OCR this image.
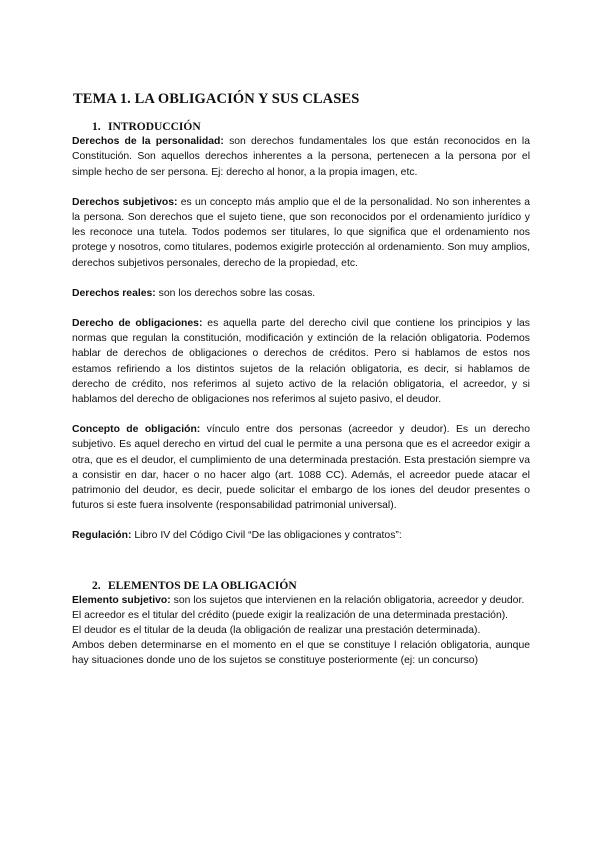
TEMA 1. LA OBLIGACIÓN Y SUS CLASES
1. INTRODUCCIÓN

Derechos de la personalidad: son derechos fundamentales los que están reconocidos en la Constitución. Son aquellos derechos inherentes a la persona, pertenecen a la persona por el simple hecho de ser persona. Ej: derecho al honor, a la propia imagen, etc.

Derechos subjetivos: es un concepto más amplio que el de la personalidad. No son inherentes a la persona. Son derechos que el sujeto tiene, que son reconocidos por el ordenamiento jurídico y les reconoce una tutela. Todos podemos ser titulares, lo que significa que el ordenamiento nos protege y nosotros, como titulares, podemos exigirle protección al ordenamiento. Son muy amplios, derechos subjetivos personales, derecho de la propiedad, etc.

Derechos reales: son los derechos sobre las cosas.

Derecho de obligaciones: es aquella parte del derecho civil que contiene los principios y las normas que regulan la constitución, modificación y extinción de la relación obligatoria. Podemos hablar de derechos de obligaciones o derechos de créditos. Pero si hablamos de estos nos estamos refiriendo a los distintos sujetos de la relación obligatoria, es decir, si hablamos de derecho de crédito, nos referimos al sujeto activo de la relación obligatoria, el acreedor, y si hablamos del derecho de obligaciones nos referimos al sujeto pasivo, el deudor.

Concepto de obligación: vínculo entre dos personas (acreedor y deudor). Es un derecho subjetivo. Es aquel derecho en virtud del cual le permite a una persona que es el acreedor exigir a otra, que es el deudor, el cumplimiento de una determinada prestación. Esta prestación siempre va a consistir en dar, hacer o no hacer algo (art. 1088 CC). Además, el acreedor puede atacar el patrimonio del deudor, es decir, puede solicitar el embargo de los iones del deudor presentes o futuros si este fuera insolvente (responsabilidad patrimonial universal).

Regulación: Libro IV del Código Civil “De las obligaciones y contratos”:

2. ELEMENTOS DE LA OBLIGACIÓN

Elemento subjetivo: son los sujetos que intervienen en la relación obligatoria, acreedor y deudor.

El acreedor es el titular del crédito (puede exigir la realización de una determinada prestación).

El deudor es el titular de la deuda (la obligación de realizar una prestación determinada).

Ambos deben determinarse en el momento en el que se constituye l relación obligatoria, aunque hay situaciones donde uno de los sujetos se constituye posteriormente (ej: un concurso)
